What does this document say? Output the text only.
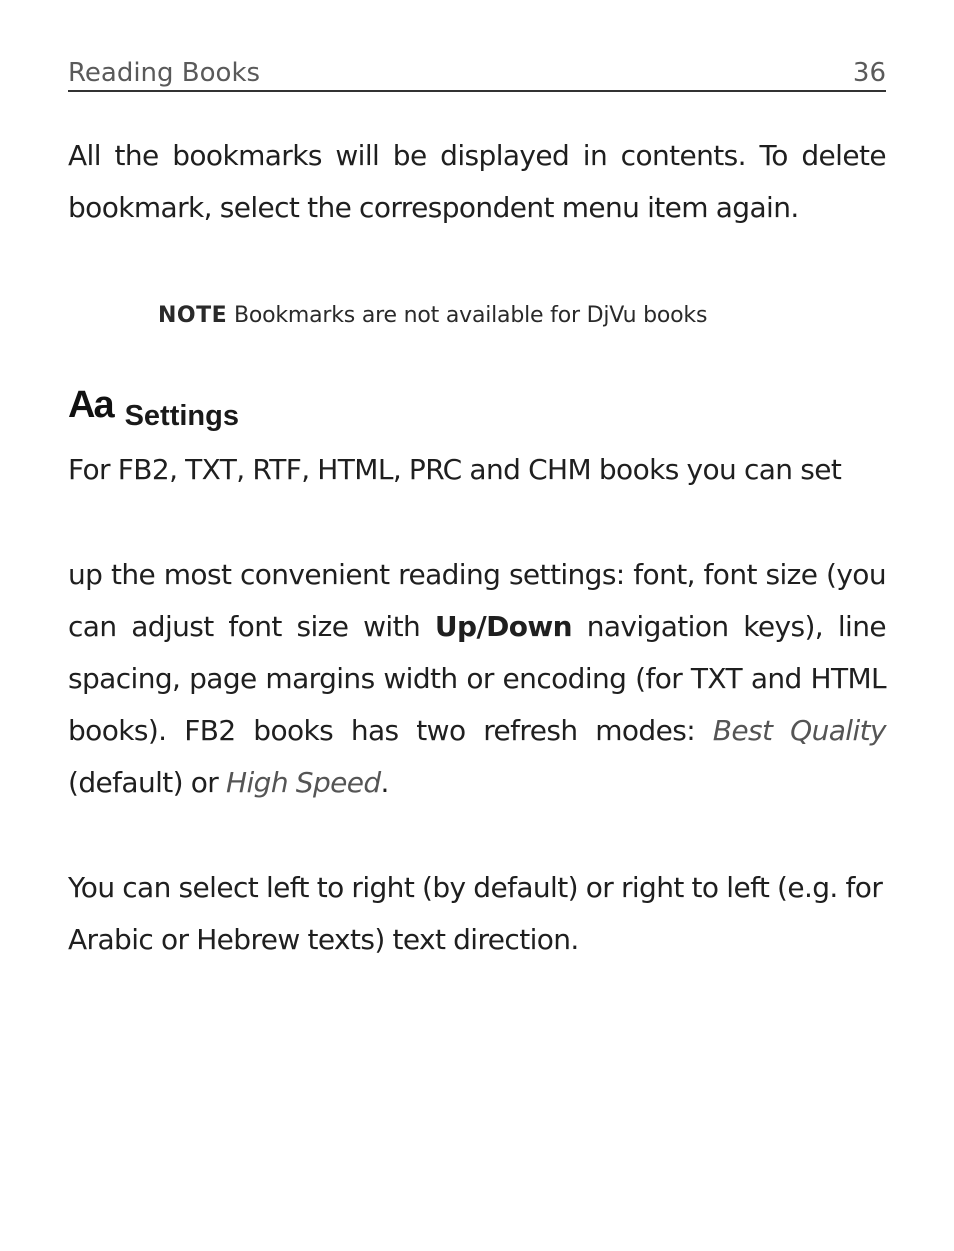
Reading Books	36

All the bookmarks will be displayed in contents. To delete bookmark, select the correspondent menu item again.

NOTE Bookmarks are not available for DjVu books
Aa Settings

For FB2, TXT, RTF, HTML, PRC and CHM books you can set

up the most convenient reading settings: font, font size (you can adjust font size with Up/Down navigation keys), line spacing, page margins width or encoding (for TXT and HTML books). FB2 books has two refresh modes: Best Quality (default) or High Speed.

You can select left to right (by default) or right to left (e.g. for Arabic or Hebrew texts) text direction.
